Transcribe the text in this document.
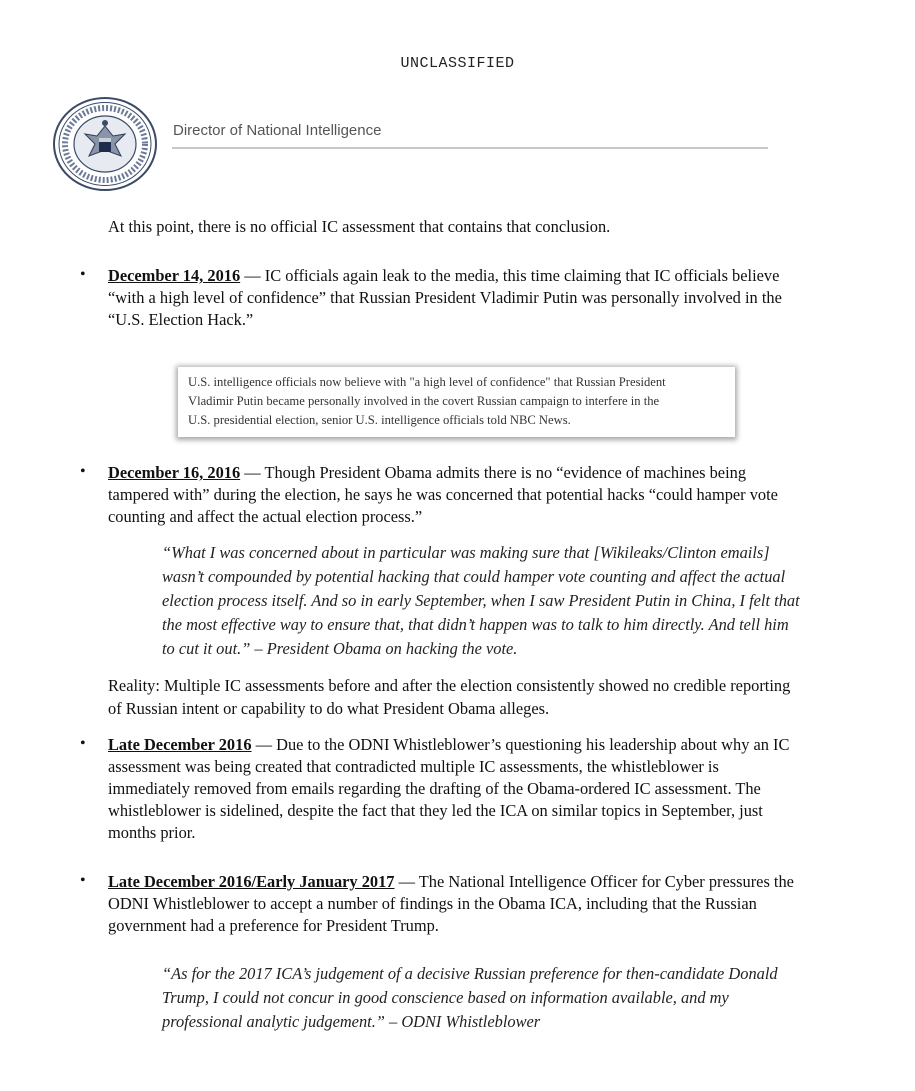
UNCLASSIFIED
Director of National Intelligence
At this point, there is no official IC assessment that contains that conclusion.
• December 14, 2016 — IC officials again leak to the media, this time claiming that IC officials believe
“with a high level of confidence” that Russian President Vladimir Putin was personally involved in the
“U.S. Election Hack.”
U.S. intelligence officials now believe with "a high level of confidence" that Russian President
Vladimir Putin became personally involved in the covert Russian campaign to interfere in the
U.S. presidential election, senior U.S. intelligence officials told NBC News.
• December 16, 2016 — Though President Obama admits there is no “evidence of machines being
tampered with” during the election, he says he was concerned that potential hacks “could hamper vote
counting and affect the actual election process.”
“What I was concerned about in particular was making sure that [Wikileaks/Clinton emails]
wasn’t compounded by potential hacking that could hamper vote counting and affect the actual
election process itself. And so in early September, when I saw President Putin in China, I felt that
the most effective way to ensure that, that didn’t happen was to talk to him directly. And tell him
to cut it out.” – President Obama on hacking the vote.
Reality: Multiple IC assessments before and after the election consistently showed no credible reporting
of Russian intent or capability to do what President Obama alleges.
• Late December 2016 — Due to the ODNI Whistleblower’s questioning his leadership about why an IC
assessment was being created that contradicted multiple IC assessments, the whistleblower is
immediately removed from emails regarding the drafting of the Obama-ordered IC assessment. The
whistleblower is sidelined, despite the fact that they led the ICA on similar topics in September, just
months prior.
• Late December 2016/Early January 2017 — The National Intelligence Officer for Cyber pressures the
ODNI Whistleblower to accept a number of findings in the Obama ICA, including that the Russian
government had a preference for President Trump.
“As for the 2017 ICA’s judgement of a decisive Russian preference for then-candidate Donald
Trump, I could not concur in good conscience based on information available, and my
professional analytic judgement.” – ODNI Whistleblower
